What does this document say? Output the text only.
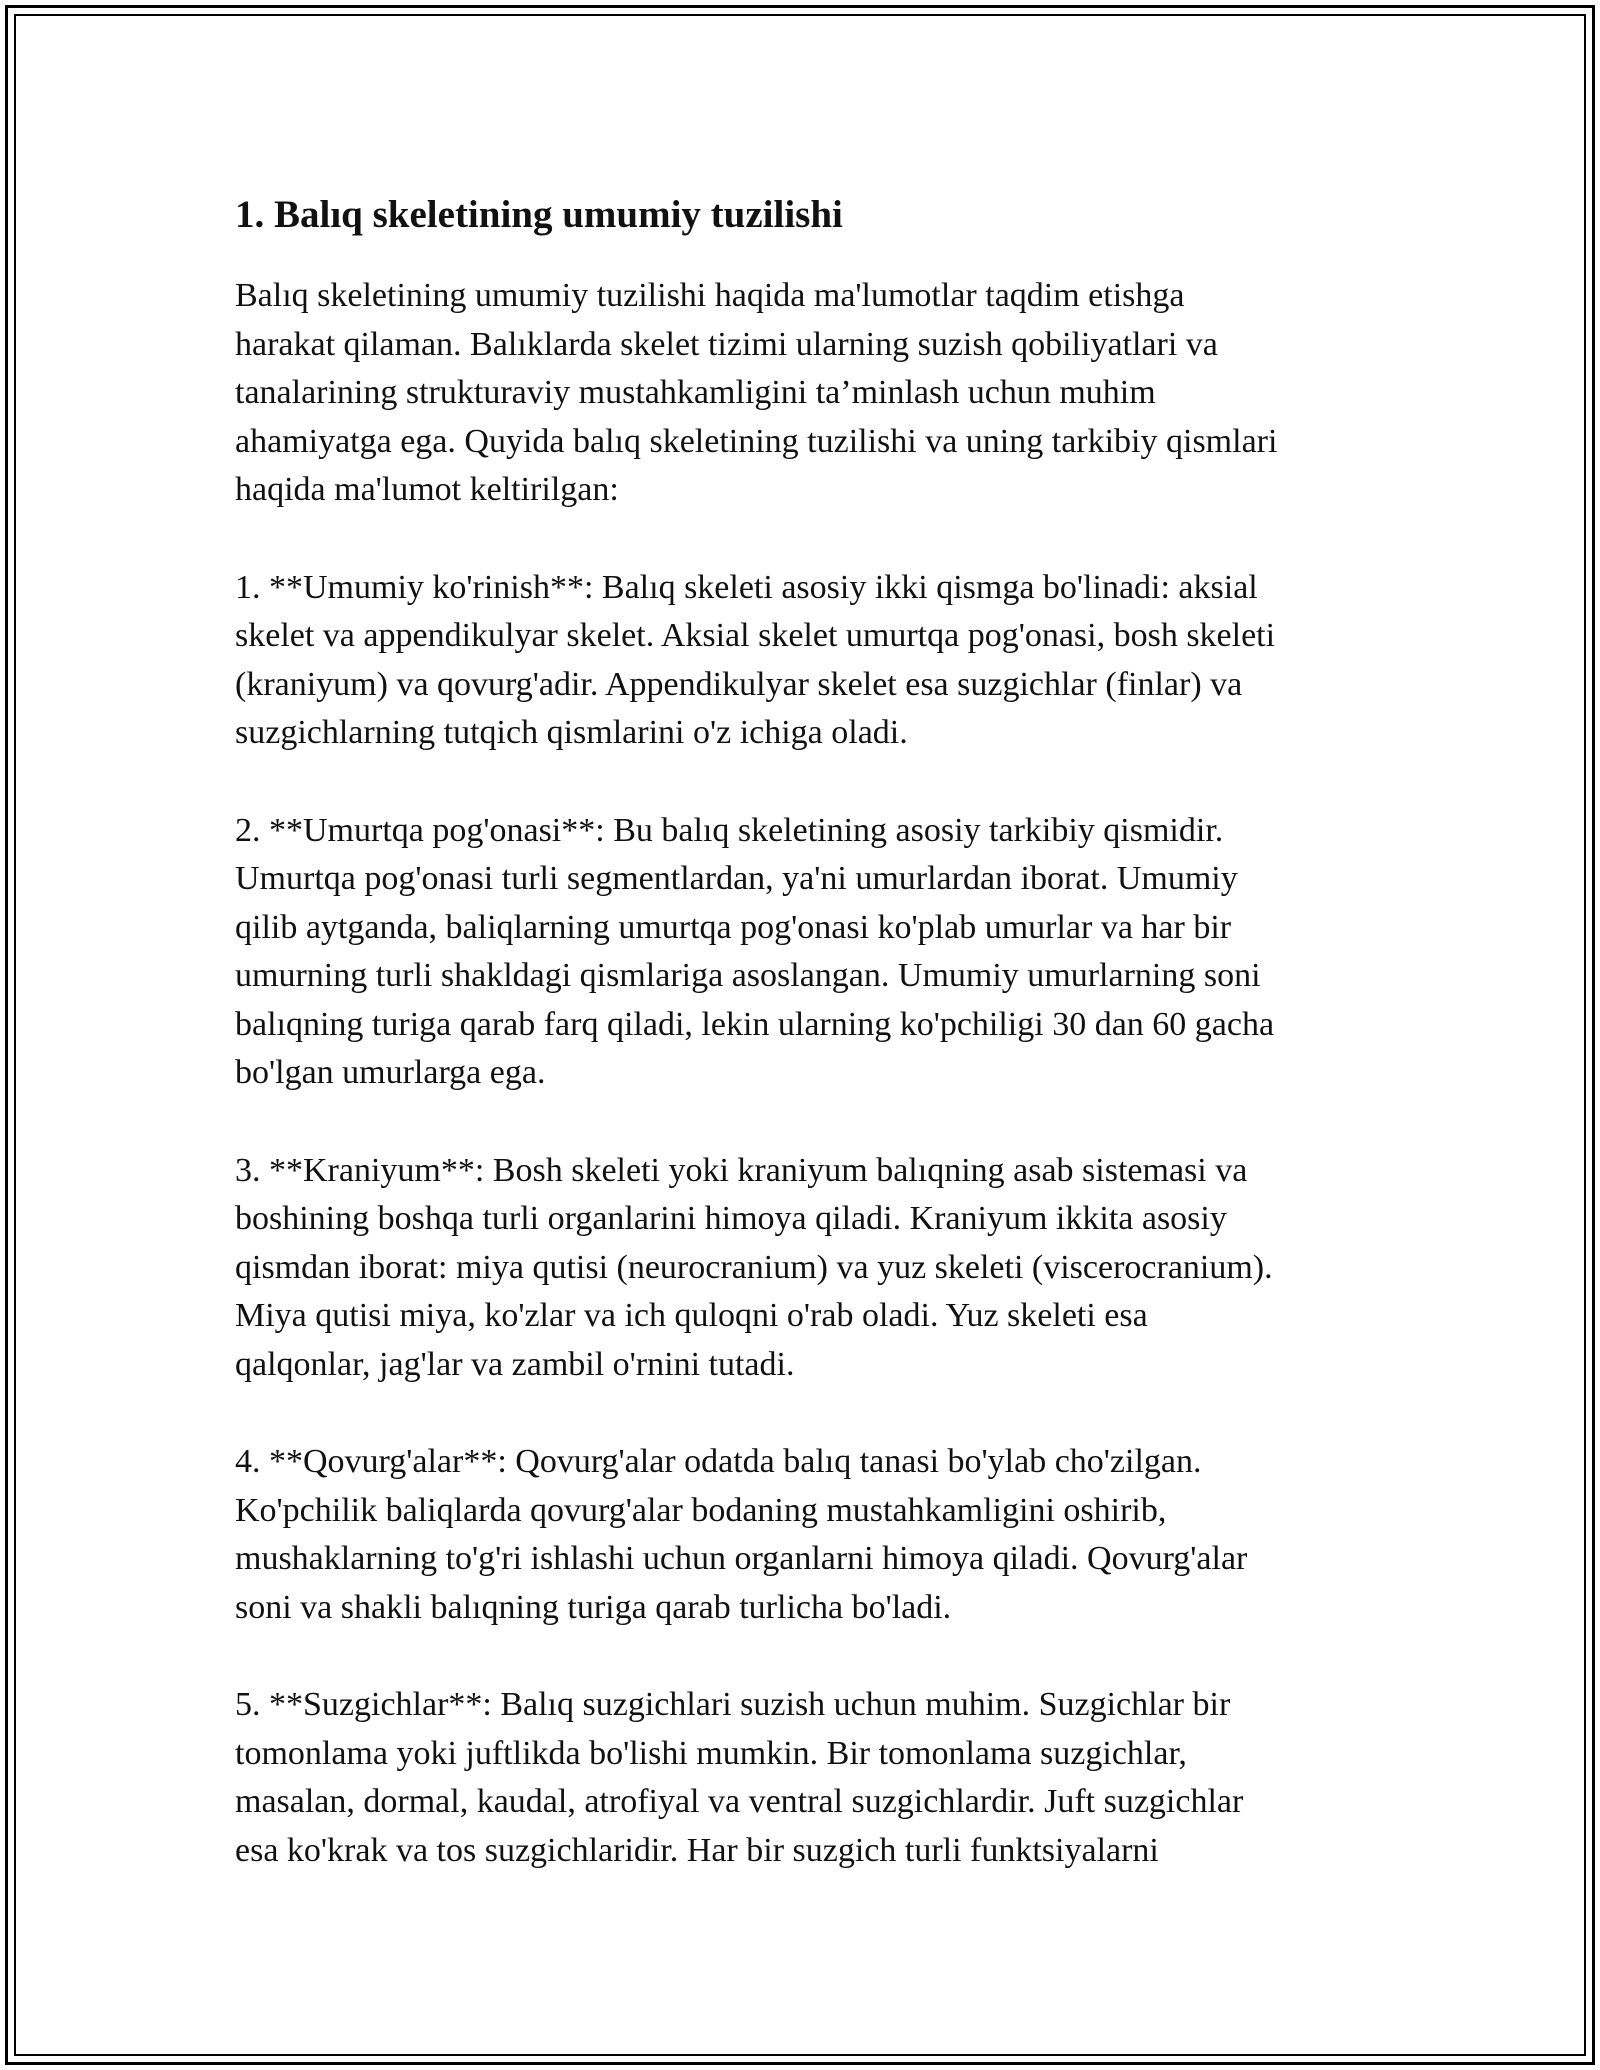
1. Balıq skeletining umumiy tuzilishi

Balıq skeletining umumiy tuzilishi haqida ma'lumotlar taqdim etishga
harakat qilaman. Balıklarda skelet tizimi ularning suzish qobiliyatlari va
tanalarining strukturaviy mustahkamligini ta’minlash uchun muhim
ahamiyatga ega. Quyida balıq skeletining tuzilishi va uning tarkibiy qismlari
haqida ma'lumot keltirilgan:

1. **Umumiy ko'rinish**: Balıq skeleti asosiy ikki qismga bo'linadi: aksial
skelet va appendikulyar skelet. Aksial skelet umurtqa pog'onasi, bosh skeleti
(kraniyum) va qovurg'adir. Appendikulyar skelet esa suzgichlar (finlar) va
suzgichlarning tutqich qismlarini o'z ichiga oladi.

2. **Umurtqa pog'onasi**: Bu balıq skeletining asosiy tarkibiy qismidir.
Umurtqa pog'onasi turli segmentlardan, ya'ni umurlardan iborat. Umumiy
qilib aytganda, baliqlarning umurtqa pog'onasi ko'plab umurlar va har bir
umurning turli shakldagi qismlariga asoslangan. Umumiy umurlarning soni
balıqning turiga qarab farq qiladi, lekin ularning ko'pchiligi 30 dan 60 gacha
bo'lgan umurlarga ega.

3. **Kraniyum**: Bosh skeleti yoki kraniyum balıqning asab sistemasi va
boshining boshqa turli organlarini himoya qiladi. Kraniyum ikkita asosiy
qismdan iborat: miya qutisi (neurocranium) va yuz skeleti (viscerocranium).
Miya qutisi miya, ko'zlar va ich quloqni o'rab oladi. Yuz skeleti esa
qalqonlar, jag'lar va zambil o'rnini tutadi.

4. **Qovurg'alar**: Qovurg'alar odatda balıq tanasi bo'ylab cho'zilgan.
Ko'pchilik baliqlarda qovurg'alar bodaning mustahkamligini oshirib,
mushaklarning to'g'ri ishlashi uchun organlarni himoya qiladi. Qovurg'alar
soni va shakli balıqning turiga qarab turlicha bo'ladi.

5. **Suzgichlar**: Balıq suzgichlari suzish uchun muhim. Suzgichlar bir
tomonlama yoki juftlikda bo'lishi mumkin. Bir tomonlama suzgichlar,
masalan, dormal, kaudal, atrofiyal va ventral suzgichlardir. Juft suzgichlar
esa ko'krak va tos suzgichlaridir. Har bir suzgich turli funktsiyalarni
